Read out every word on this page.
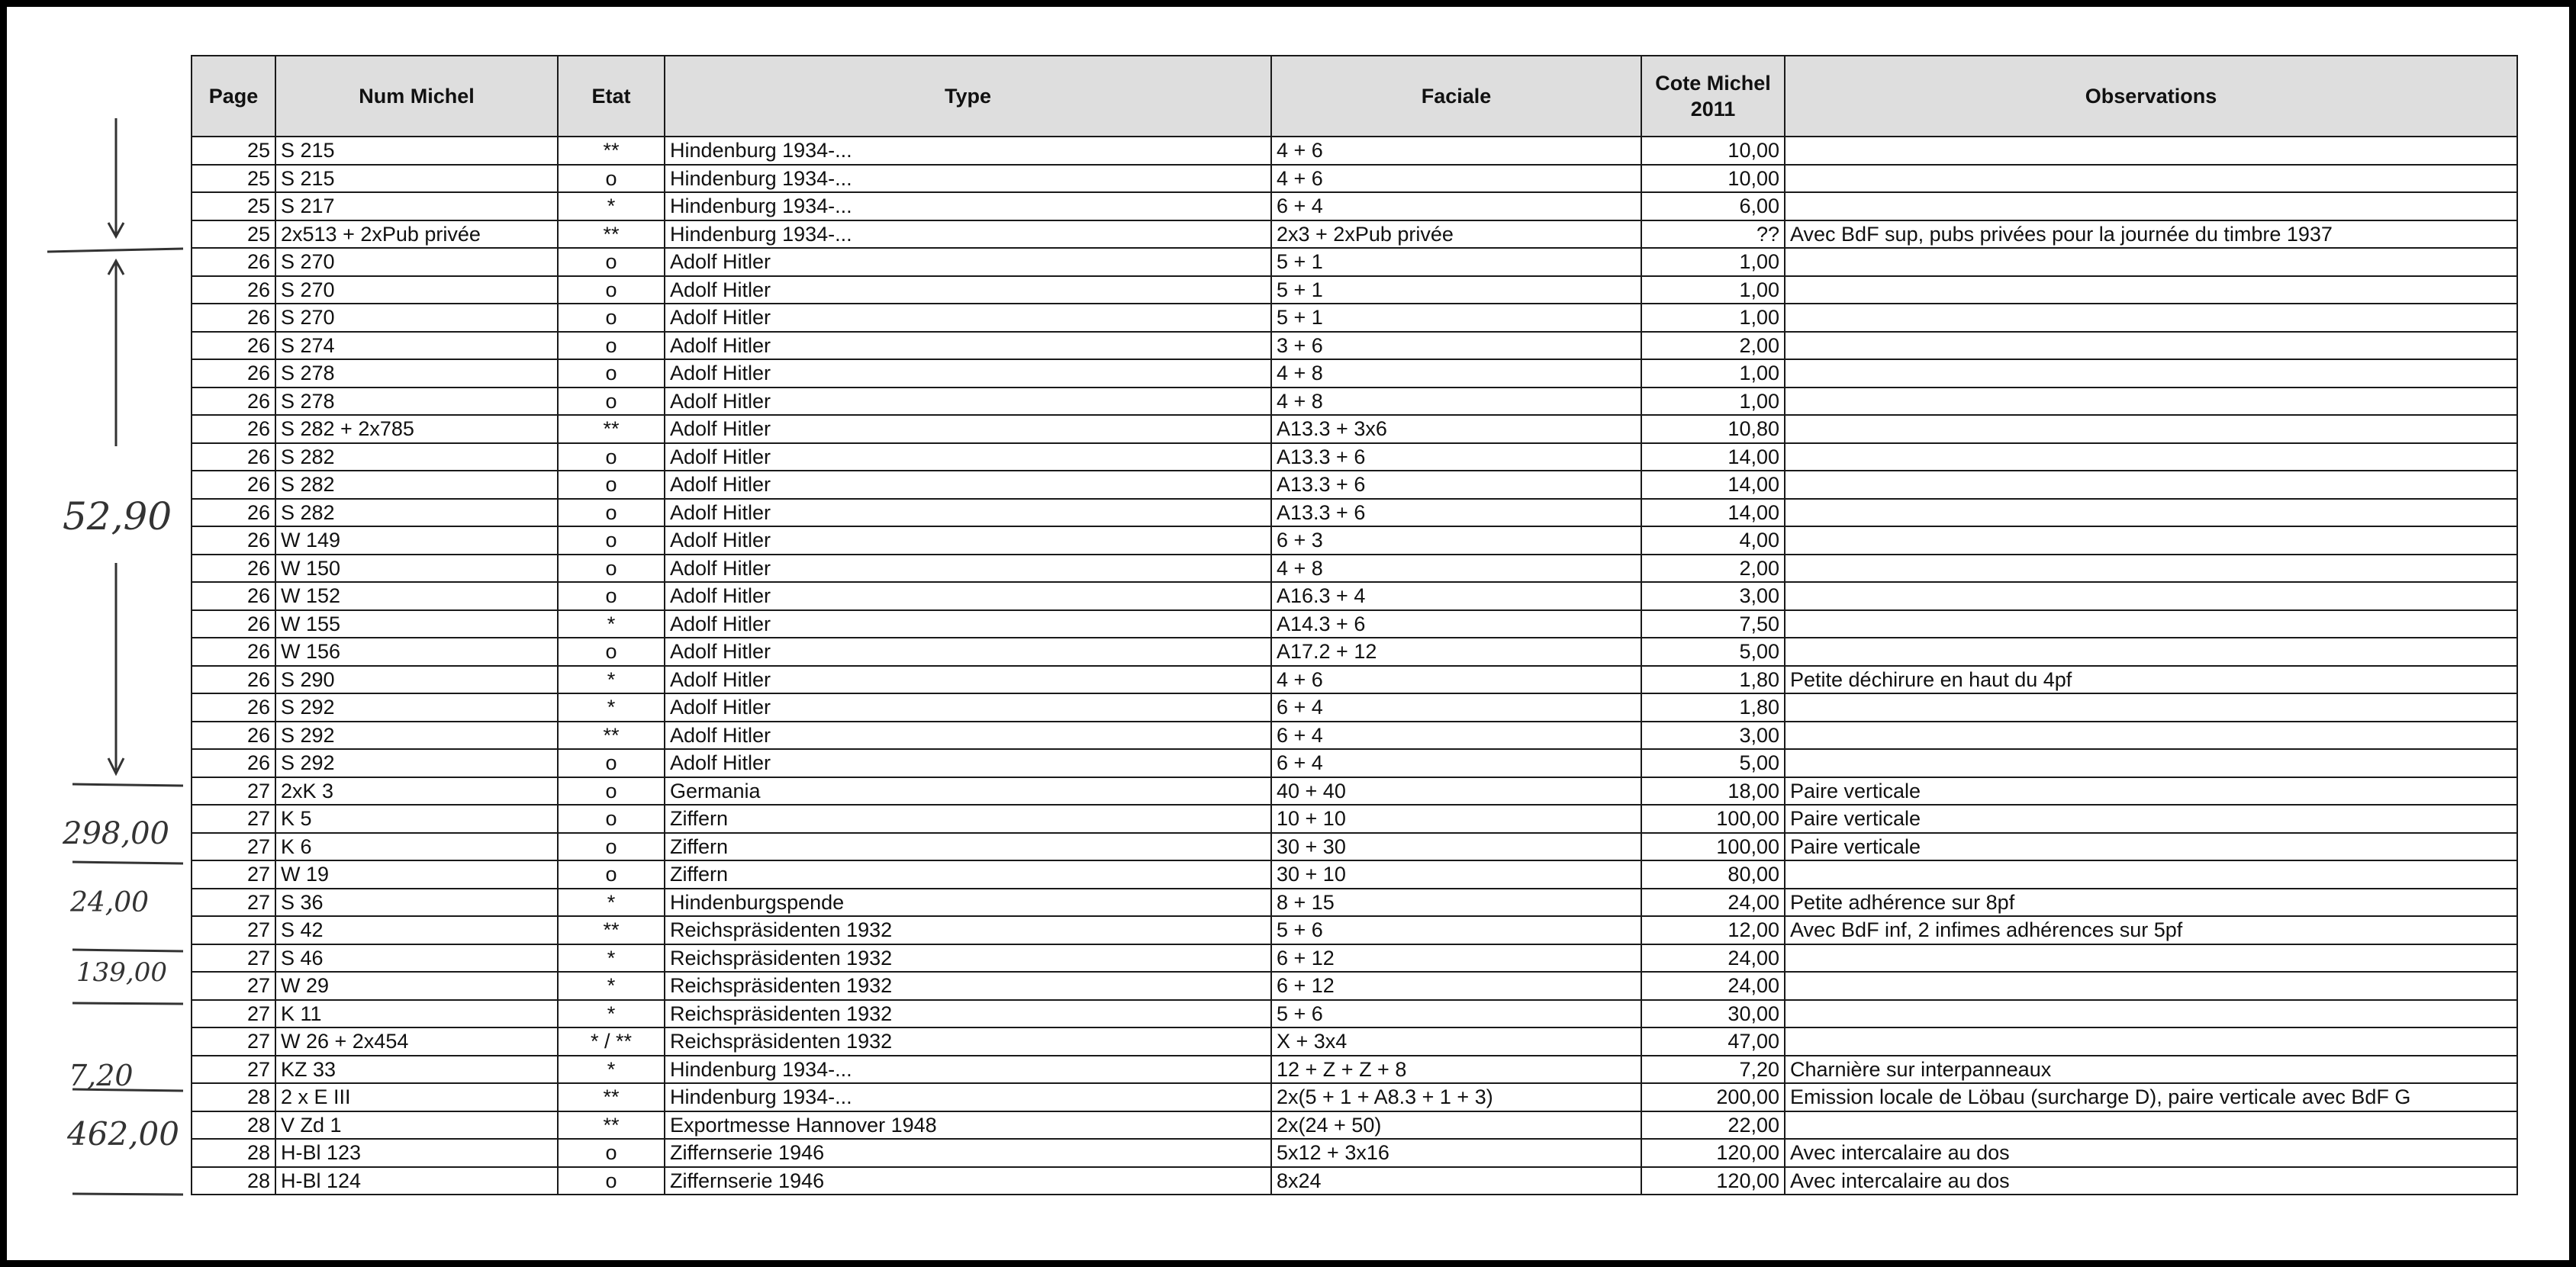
52,90
298,00
24,00
139,00
7,20
462,00
Page	Num Michel	Etat	Type	Faciale	Cote Michel 2011	Observations
25	S 215	**	Hindenburg 1934-...	4 + 6	10,00	
25	S 215	o	Hindenburg 1934-...	4 + 6	10,00	
25	S 217	*	Hindenburg 1934-...	6 + 4	6,00	
25	2x513 + 2xPub privée	**	Hindenburg 1934-...	2x3 + 2xPub privée	??	Avec BdF sup, pubs privées pour la journée du timbre 1937
26	S 270	o	Adolf Hitler	5 + 1	1,00	
26	S 270	o	Adolf Hitler	5 + 1	1,00	
26	S 270	o	Adolf Hitler	5 + 1	1,00	
26	S 274	o	Adolf Hitler	3 + 6	2,00	
26	S 278	o	Adolf Hitler	4 + 8	1,00	
26	S 278	o	Adolf Hitler	4 + 8	1,00	
26	S 282 + 2x785	**	Adolf Hitler	A13.3 + 3x6	10,80	
26	S 282	o	Adolf Hitler	A13.3 + 6	14,00	
26	S 282	o	Adolf Hitler	A13.3 + 6	14,00	
26	S 282	o	Adolf Hitler	A13.3 + 6	14,00	
26	W 149	o	Adolf Hitler	6 + 3	4,00	
26	W 150	o	Adolf Hitler	4 + 8	2,00	
26	W 152	o	Adolf Hitler	A16.3 + 4	3,00	
26	W 155	*	Adolf Hitler	A14.3 + 6	7,50	
26	W 156	o	Adolf Hitler	A17.2 + 12	5,00	
26	S 290	*	Adolf Hitler	4 + 6	1,80	Petite déchirure en haut du 4pf
26	S 292	*	Adolf Hitler	6 + 4	1,80	
26	S 292	**	Adolf Hitler	6 + 4	3,00	
26	S 292	o	Adolf Hitler	6 + 4	5,00	
27	2xK 3	o	Germania	40 + 40	18,00	Paire verticale
27	K 5	o	Ziffern	10 + 10	100,00	Paire verticale
27	K 6	o	Ziffern	30 + 30	100,00	Paire verticale
27	W 19	o	Ziffern	30 + 10	80,00	
27	S 36	*	Hindenburgspende	8 + 15	24,00	Petite adhérence sur 8pf
27	S 42	**	Reichspräsidenten 1932	5 + 6	12,00	Avec BdF inf, 2 infimes adhérences sur 5pf
27	S 46	*	Reichspräsidenten 1932	6 + 12	24,00	
27	W 29	*	Reichspräsidenten 1932	6 + 12	24,00	
27	K 11	*	Reichspräsidenten 1932	5 + 6	30,00	
27	W 26 + 2x454	* / **	Reichspräsidenten 1932	X + 3x4	47,00	
27	KZ 33	*	Hindenburg 1934-...	12 + Z + Z + 8	7,20	Charnière sur interpanneaux
28	2 x E III	**	Hindenburg 1934-...	2x(5 + 1 + A8.3 + 1 + 3)	200,00	Emission locale de Löbau (surcharge D), paire verticale avec BdF G
28	V Zd 1	**	Exportmesse Hannover 1948	2x(24 + 50)	22,00	
28	H-Bl 123	o	Ziffernserie 1946	5x12 + 3x16	120,00	Avec intercalaire au dos
28	H-Bl 124	o	Ziffernserie 1946	8x24	120,00	Avec intercalaire au dos
